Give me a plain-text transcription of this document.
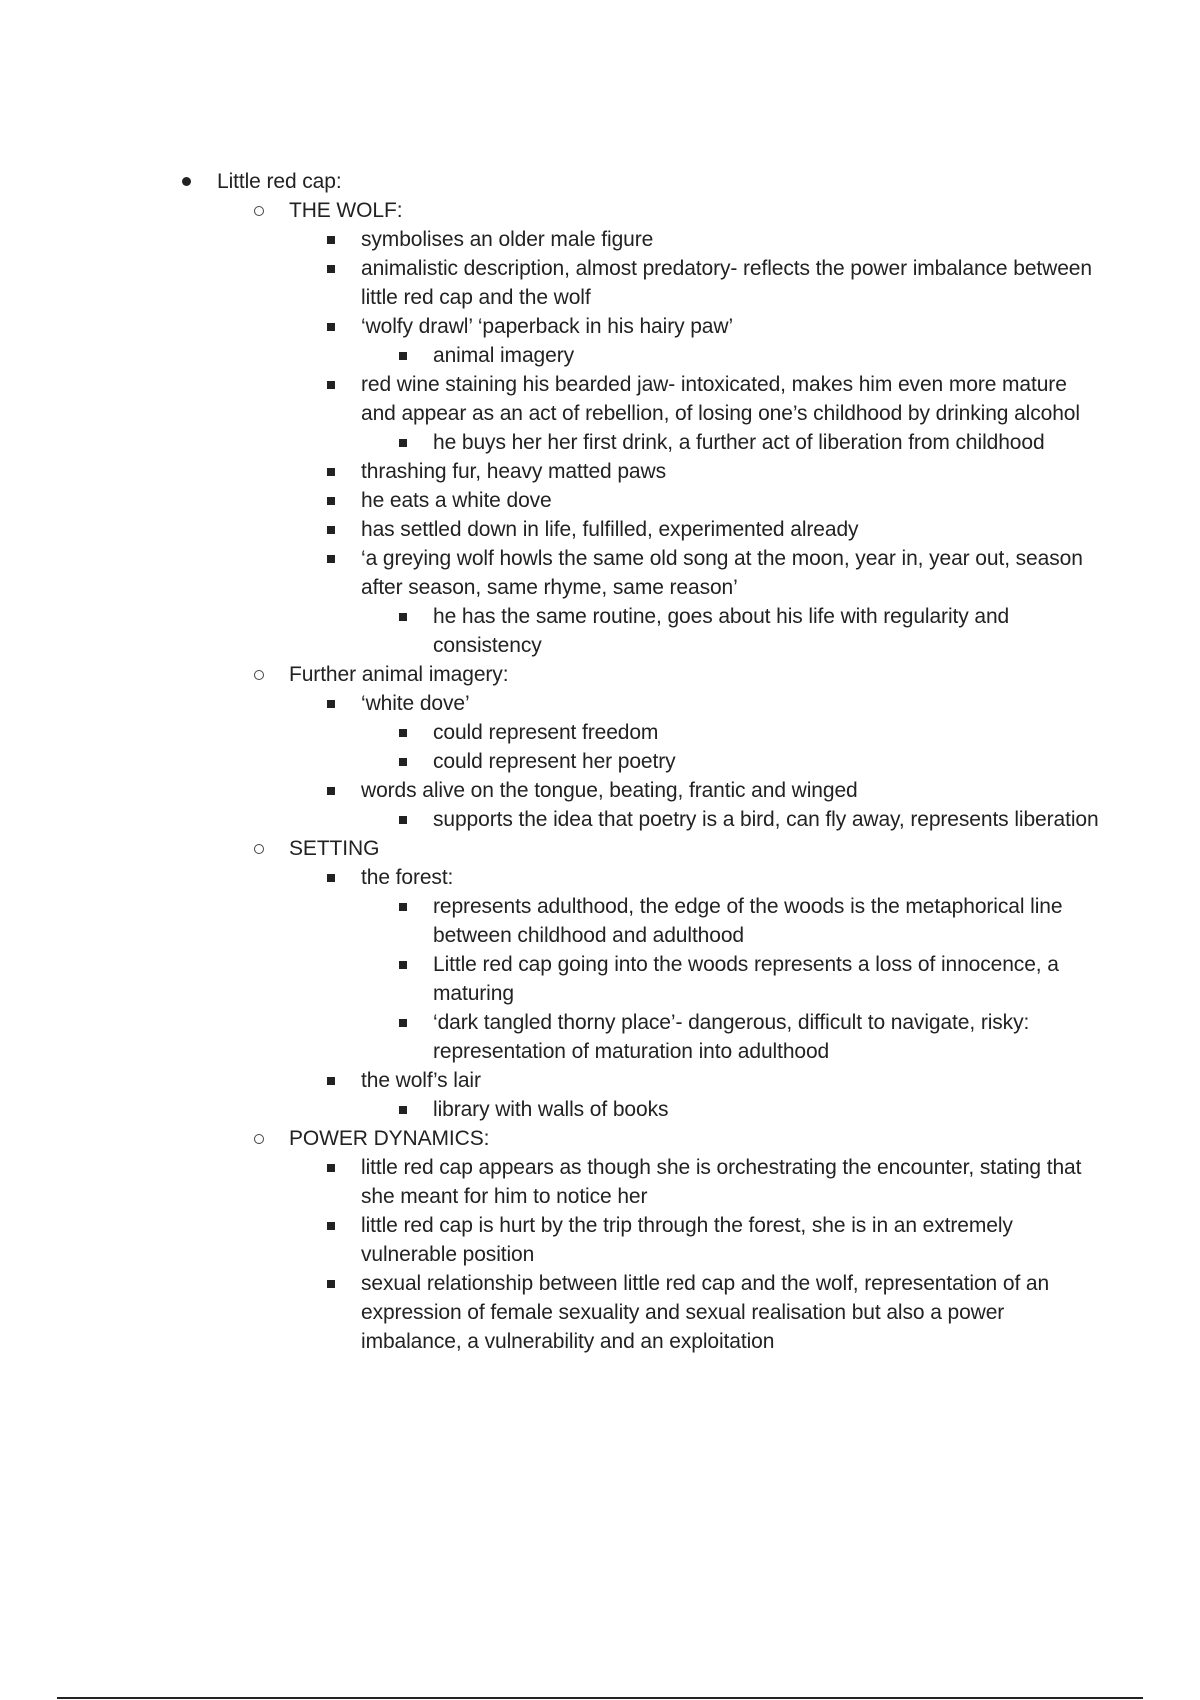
Little red cap:
THE WOLF:
symbolises an older male figure
animalistic description, almost predatory- reflects the power imbalance between little red cap and the wolf
‘wolfy drawl’ ‘paperback in his hairy paw’
animal imagery
red wine staining his bearded jaw- intoxicated, makes him even more mature and appear as an act of rebellion, of losing one’s childhood by drinking alcohol
he buys her her first drink, a further act of liberation from childhood
thrashing fur, heavy matted paws
he eats a white dove
has settled down in life, fulfilled, experimented already
‘a greying wolf howls the same old song at the moon, year in, year out, season after season, same rhyme, same reason’
he has the same routine, goes about his life with regularity and consistency
Further animal imagery:
‘white dove’
could represent freedom
could represent her poetry
words alive on the tongue, beating, frantic and winged
supports the idea that poetry is a bird, can fly away, represents liberation
SETTING
the forest:
represents adulthood, the edge of the woods is the metaphorical line between childhood and adulthood
Little red cap going into the woods represents a loss of innocence, a maturing
‘dark tangled thorny place’- dangerous, difficult to navigate, risky: representation of maturation into adulthood
the wolf’s lair
library with walls of books
POWER DYNAMICS:
little red cap appears as though she is orchestrating the encounter, stating that she meant for him to notice her
little red cap is hurt by the trip through the forest, she is in an extremely vulnerable position
sexual relationship between little red cap and the wolf, representation of an expression of female sexuality and sexual realisation but also a power imbalance, a vulnerability and an exploitation
